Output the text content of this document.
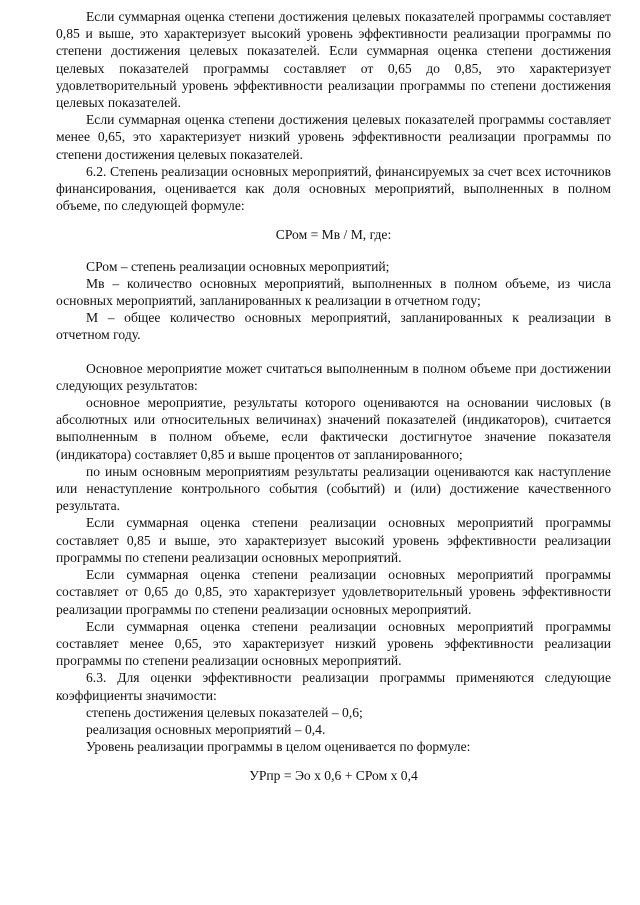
Если суммарная оценка степени достижения целевых показателей программы составляет 0,85 и выше, это характеризует высокий уровень эффективности реализации программы по степени достижения целевых показателей. Если суммарная оценка степени достижения целевых показателей программы составляет от 0,65 до 0,85, это характеризует удовлетворительный уровень эффективности реализации программы по степени достижения целевых показателей.

Если суммарная оценка степени достижения целевых показателей программы составляет менее 0,65, это характеризует низкий уровень эффективности реализации программы по степени достижения целевых показателей.

6.2. Степень реализации основных мероприятий, финансируемых за счет всех источников финансирования, оценивается как доля основных мероприятий, выполненных в полном объеме, по следующей формуле:

СРом = Мв / М, где:

СРом – степень реализации основных мероприятий;

Мв – количество основных мероприятий, выполненных в полном объеме, из числа основных мероприятий, запланированных к реализации в отчетном году;

М – общее количество основных мероприятий, запланированных к реализации в отчетном году.

Основное мероприятие может считаться выполненным в полном объеме при достижении следующих результатов:

основное мероприятие, результаты которого оцениваются на основании числовых (в абсолютных или относительных величинах) значений показателей (индикаторов), считается выполненным в полном объеме, если фактически достигнутое значение показателя (индикатора) составляет 0,85 и выше процентов от запланированного;

по иным основным мероприятиям результаты реализации оцениваются как наступление или ненаступление контрольного события (событий) и (или) достижение качественного результата.

Если суммарная оценка степени реализации основных мероприятий программы составляет 0,85 и выше, это характеризует высокий уровень эффективности реализации программы по степени реализации основных мероприятий.

Если суммарная оценка степени реализации основных мероприятий программы составляет от 0,65 до 0,85, это характеризует удовлетворительный уровень эффективности реализации программы по степени реализации основных мероприятий.

Если суммарная оценка степени реализации основных мероприятий программы составляет менее 0,65, это характеризует низкий уровень эффективности реализации программы по степени реализации основных мероприятий.

6.3. Для оценки эффективности реализации программы применяются следующие коэффициенты значимости:

степень достижения целевых показателей – 0,6;

реализация основных мероприятий – 0,4.

Уровень реализации программы в целом оценивается по формуле:

УРпр = Эо х 0,6 + СРом х 0,4
